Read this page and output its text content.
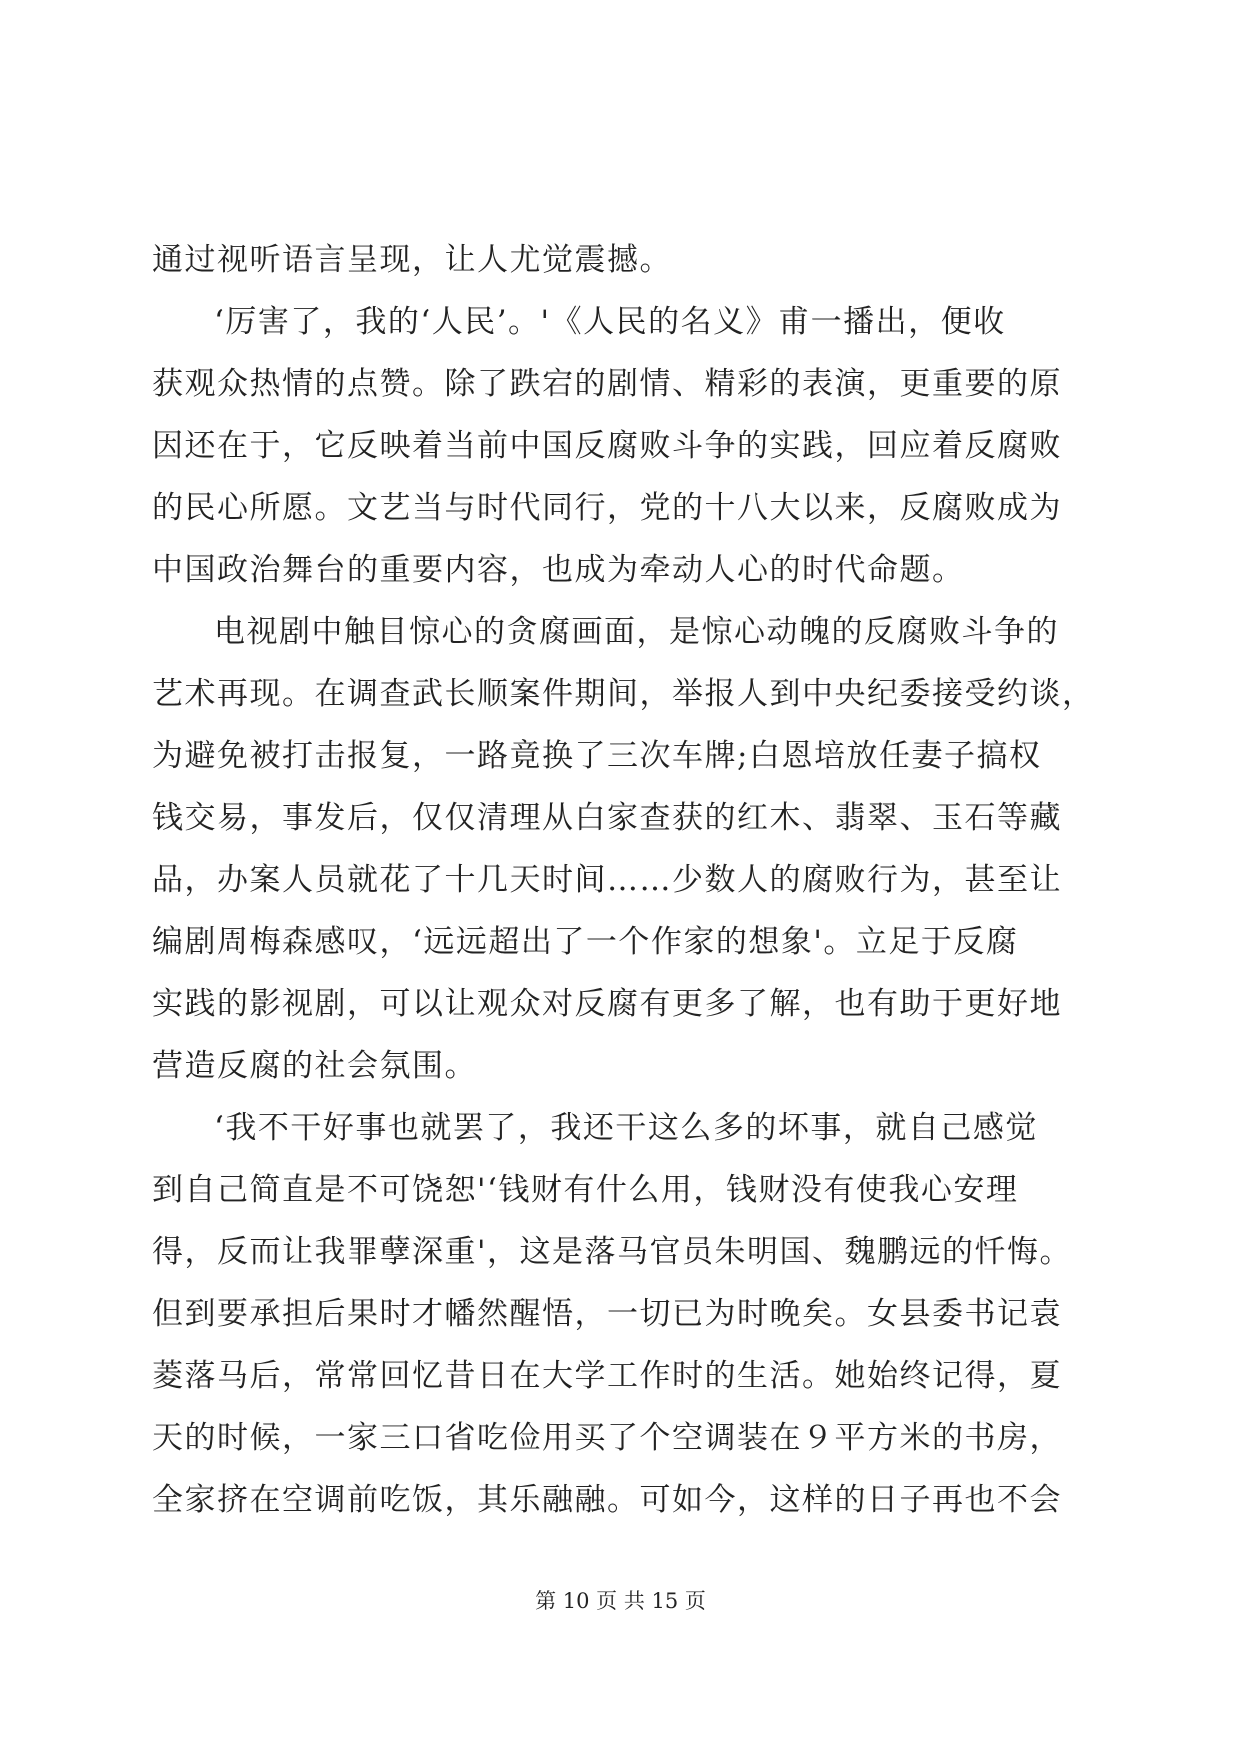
通过视听语言呈现，让人尤觉震撼。
‘厉害了，我的‘人民’。'《人民的名义》甫一播出，便收
获观众热情的点赞。除了跌宕的剧情、精彩的表演，更重要的原
因还在于，它反映着当前中国反腐败斗争的实践，回应着反腐败
的民心所愿。文艺当与时代同行，党的十八大以来，反腐败成为
中国政治舞台的重要内容，也成为牵动人心的时代命题。
电视剧中触目惊心的贪腐画面，是惊心动魄的反腐败斗争的
艺术再现。在调查武长顺案件期间，举报人到中央纪委接受约谈，
为避免被打击报复，一路竟换了三次车牌;白恩培放任妻子搞权
钱交易，事发后，仅仅清理从白家查获的红木、翡翠、玉石等藏
品，办案人员就花了十几天时间……少数人的腐败行为，甚至让
编剧周梅森感叹，‘远远超出了一个作家的想象'。立足于反腐
实践的影视剧，可以让观众对反腐有更多了解，也有助于更好地
营造反腐的社会氛围。
‘我不干好事也就罢了，我还干这么多的坏事，就自己感觉
到自己简直是不可饶恕'‘钱财有什么用，钱财没有使我心安理
得，反而让我罪孽深重'，这是落马官员朱明国、魏鹏远的忏悔。
但到要承担后果时才幡然醒悟，一切已为时晚矣。女县委书记袁
菱落马后，常常回忆昔日在大学工作时的生活。她始终记得，夏
天的时候，一家三口省吃俭用买了个空调装在９平方米的书房，
全家挤在空调前吃饭，其乐融融。可如今，这样的日子再也不会
第 10 页 共 15 页
